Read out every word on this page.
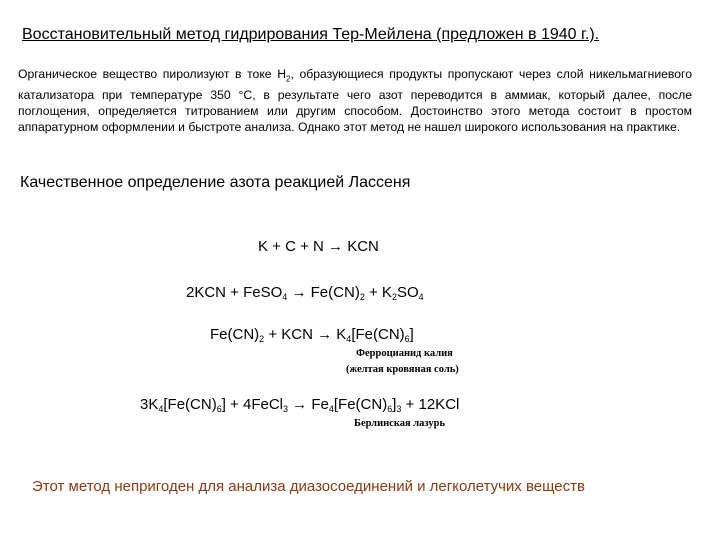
Восстановительный метод гидрирования Тер-Мейлена (предложен в 1940 г.).
Органическое вещество пиролизуют в токе $Н_2$, образующиеся продукты пропускают через слой никельмагниевого катализатора при температуре 350 °С, в результате чего азот переводится в аммиак, который далее, после поглощения, определяется титрованием или другим способом. Достоинство этого метода состоит в простом аппаратурном оформлении и быстроте анализа. Однако этот метод не нашел широкого использования на практике.
Качественное определение азота реакцией Лассеня
K + C + N → KCN
2KCN + FeSO$_4$ → $Fe(CN)_2 + K_2SO_4$
$Fe(CN)_2$ + KCN → $K_4[Fe(CN)_6]$
Ферроцианид калия
(желтая кровяная соль)
$3K_4[Fe(CN)_6]$ + 4FeCl$_3$ → $Fe_4[Fe(CN)_6]_3 + 12KCl$
Берлинская лазурь
Этот метод непригоден для анализа диазосоединений и легколетучих веществ
